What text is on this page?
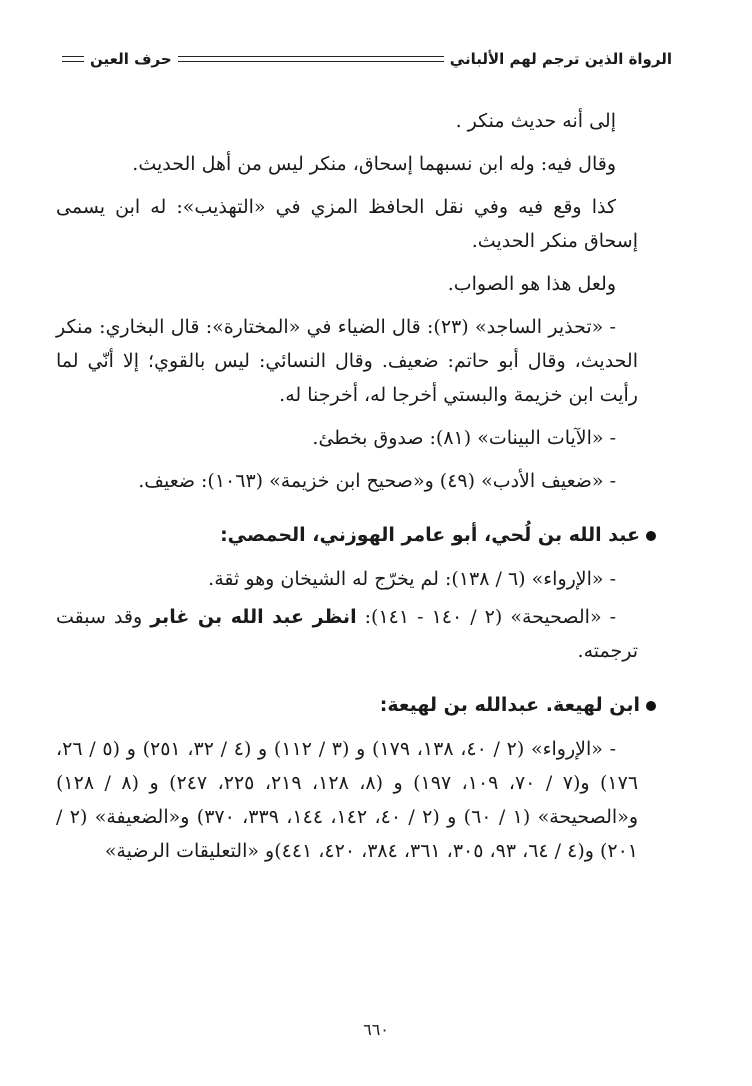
الرواة الذين ترجم لهم الألباني
حرف العين

إلى أنه حديث منكر .

وقال فيه: وله ابن نسبهما إسحاق، منكر ليس من أهل الحديث.

كذا وقع فيه وفي نقل الحافظ المزي في «التهذيب»: له ابن يسمى إسحاق منكر الحديث.

ولعل هذا هو الصواب.

- «تحذير الساجد» (٢٣): قال الضياء في «المختارة»: قال البخاري: منكر الحديث، وقال أبو حاتم: ضعيف. وقال النسائي: ليس بالقوي؛ إلا أنّي لما رأيت ابن خزيمة والبستي أخرجا له، أخرجنا له.

- «الآيات البينات» (٨١): صدوق بخطئ.

- «ضعيف الأدب» (٤٩) و«صحيح ابن خزيمة» (١٠٦٣): ضعيف.

عبد الله بن لُحي، أبو عامر الهوزني، الحمصي:

- «الإرواء» (٦ / ١٣٨): لم يخرّج له الشيخان وهو ثقة.

- «الصحيحة» (٢ / ١٤٠ - ١٤١): انظر عبد الله بن غابر وقد سبقت ترجمته.

ابن لهيعة. عبدالله بن لهيعة:

- «الإرواء» (٢ / ٤٠، ١٣٨، ١٧٩) و (٣ / ١١٢) و (٤ / ٣٢، ٢٥١) و (٥ / ٢٦، ١٧٦) و(٧ / ٧٠، ١٠٩، ١٩٧) و (٨، ١٢٨، ٢١٩، ٢٢٥، ٢٤٧) و (٨ / ١٢٨) و«الصحيحة» (١ / ٦٠) و (٢ / ٤٠، ١٤٢، ١٤٤، ٣٣٩، ٣٧٠) و«الضعيفة» (٢ / ٢٠١) و(٤ / ٦٤، ٩٣، ٣٠٥، ٣٦١، ٣٨٤، ٤٢٠، ٤٤١)و «التعليقات الرضية»

٦٦٠
